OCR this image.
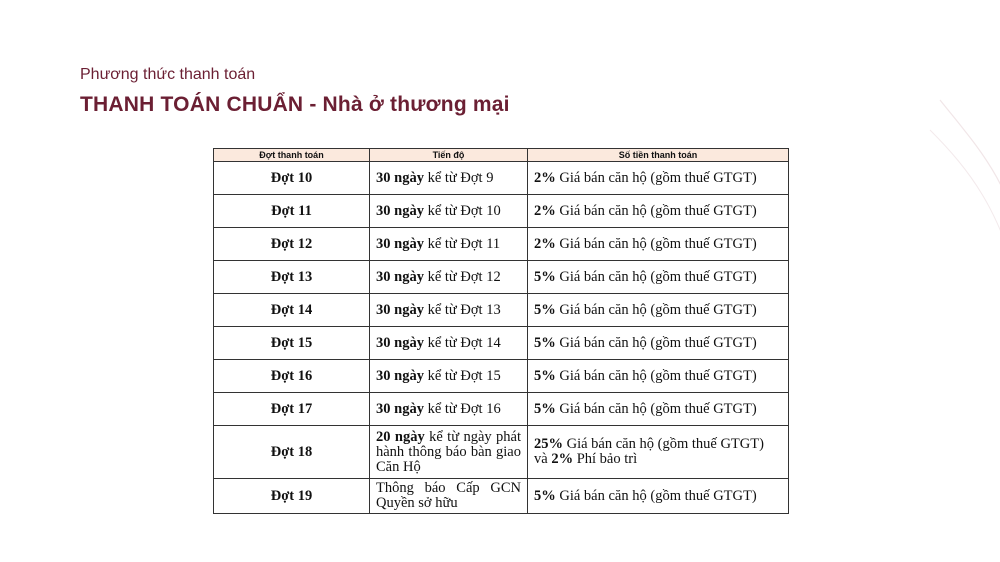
Phương thức thanh toán
THANH TOÁN CHUẨN - Nhà ở thương mại
Đợt thanh toán	Tiến độ	Số tiền thanh toán
Đợt 10	30 ngày kể từ Đợt 9	2% Giá bán căn hộ (gồm thuế GTGT)
Đợt 11	30 ngày kể từ Đợt 10	2% Giá bán căn hộ (gồm thuế GTGT)
Đợt 12	30 ngày kể từ Đợt 11	2% Giá bán căn hộ (gồm thuế GTGT)
Đợt 13	30 ngày kể từ Đợt 12	5% Giá bán căn hộ (gồm thuế GTGT)
Đợt 14	30 ngày kể từ Đợt 13	5% Giá bán căn hộ (gồm thuế GTGT)
Đợt 15	30 ngày kể từ Đợt 14	5% Giá bán căn hộ (gồm thuế GTGT)
Đợt 16	30 ngày kể từ Đợt 15	5% Giá bán căn hộ (gồm thuế GTGT)
Đợt 17	30 ngày kể từ Đợt 16	5% Giá bán căn hộ (gồm thuế GTGT)
Đợt 18	20 ngày kể từ ngày phát hành thông báo bàn giao Căn Hộ	25% Giá bán căn hộ (gồm thuế GTGT)
và 2% Phí bảo trì
Đợt 19	Thông báo Cấp GCN Quyền sở hữu	5% Giá bán căn hộ (gồm thuế GTGT)
